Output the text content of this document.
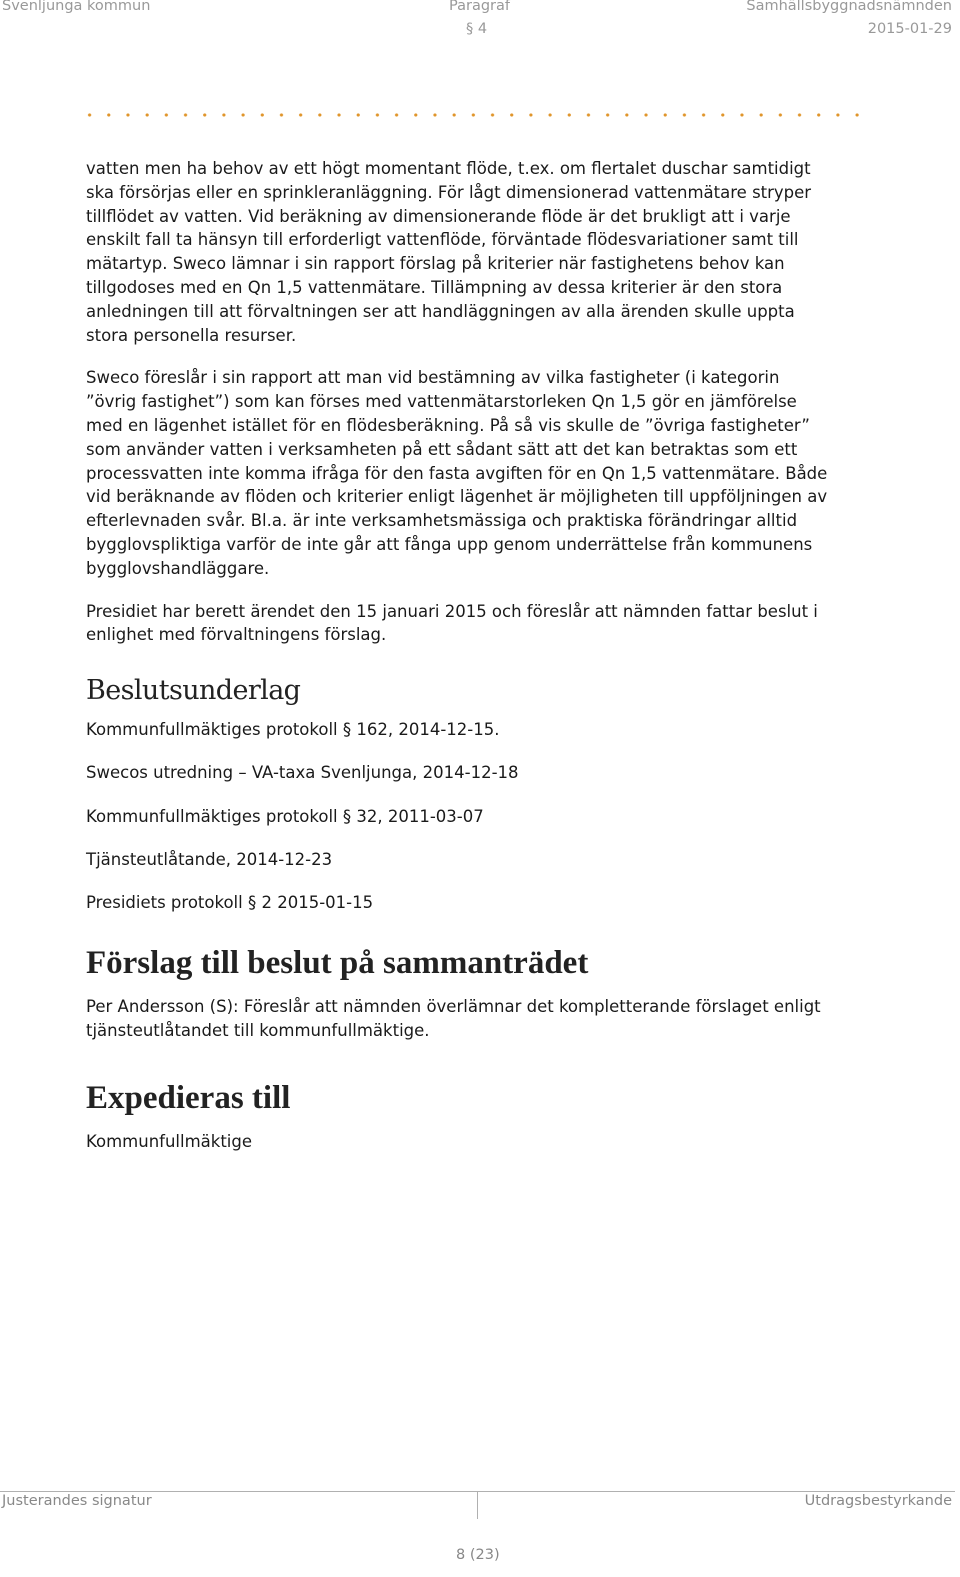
Svenljunga kommun	Paragraf
§ 4
Samhällsbyggnadsnämnden
2015-01-29

vatten men ha behov av ett högt momentant flöde, t.ex. om flertalet duschar samtidigt
ska försörjas eller en sprinkleranläggning. För lågt dimensionerad vattenmätare stryper
tillflödet av vatten. Vid beräkning av dimensionerande flöde är det brukligt att i varje
enskilt fall ta hänsyn till erforderligt vattenflöde, förväntade flödesvariationer samt till
mätartyp. Sweco lämnar i sin rapport förslag på kriterier när fastighetens behov kan
tillgodoses med en Qn 1,5 vattenmätare. Tillämpning av dessa kriterier är den stora
anledningen till att förvaltningen ser att handläggningen av alla ärenden skulle uppta
stora personella resurser.

Sweco föreslår i sin rapport att man vid bestämning av vilka fastigheter (i kategorin
”övrig fastighet”) som kan förses med vattenmätarstorleken Qn 1,5 gör en jämförelse
med en lägenhet istället för en flödesberäkning. På så vis skulle de ”övriga fastigheter”
som använder vatten i verksamheten på ett sådant sätt att det kan betraktas som ett
processvatten inte komma ifråga för den fasta avgiften för en Qn 1,5 vattenmätare. Både
vid beräknande av flöden och kriterier enligt lägenhet är möjligheten till uppföljningen av
efterlevnaden svår. Bl.a. är inte verksamhetsmässiga och praktiska förändringar alltid
bygglovspliktiga varför de inte går att fånga upp genom underrättelse från kommunens
bygglovshandläggare.

Presidiet har berett ärendet den 15 januari 2015 och föreslår att nämnden fattar beslut i
enlighet med förvaltningens förslag.

Beslutsunderlag

Kommunfullmäktiges protokoll § 162, 2014-12-15.

Swecos utredning – VA-taxa Svenljunga, 2014-12-18

Kommunfullmäktiges protokoll § 32, 2011-03-07

Tjänsteutlåtande, 2014-12-23

Presidiets protokoll § 2 2015-01-15

Förslag till beslut på sammanträdet

Per Andersson (S): Föreslår att nämnden överlämnar det kompletterande förslaget enligt
tjänsteutlåtandet till kommunfullmäktige.

Expedieras till

Kommunfullmäktige

Justerandes signatur	Utdragsbestyrkande
8 (23)
